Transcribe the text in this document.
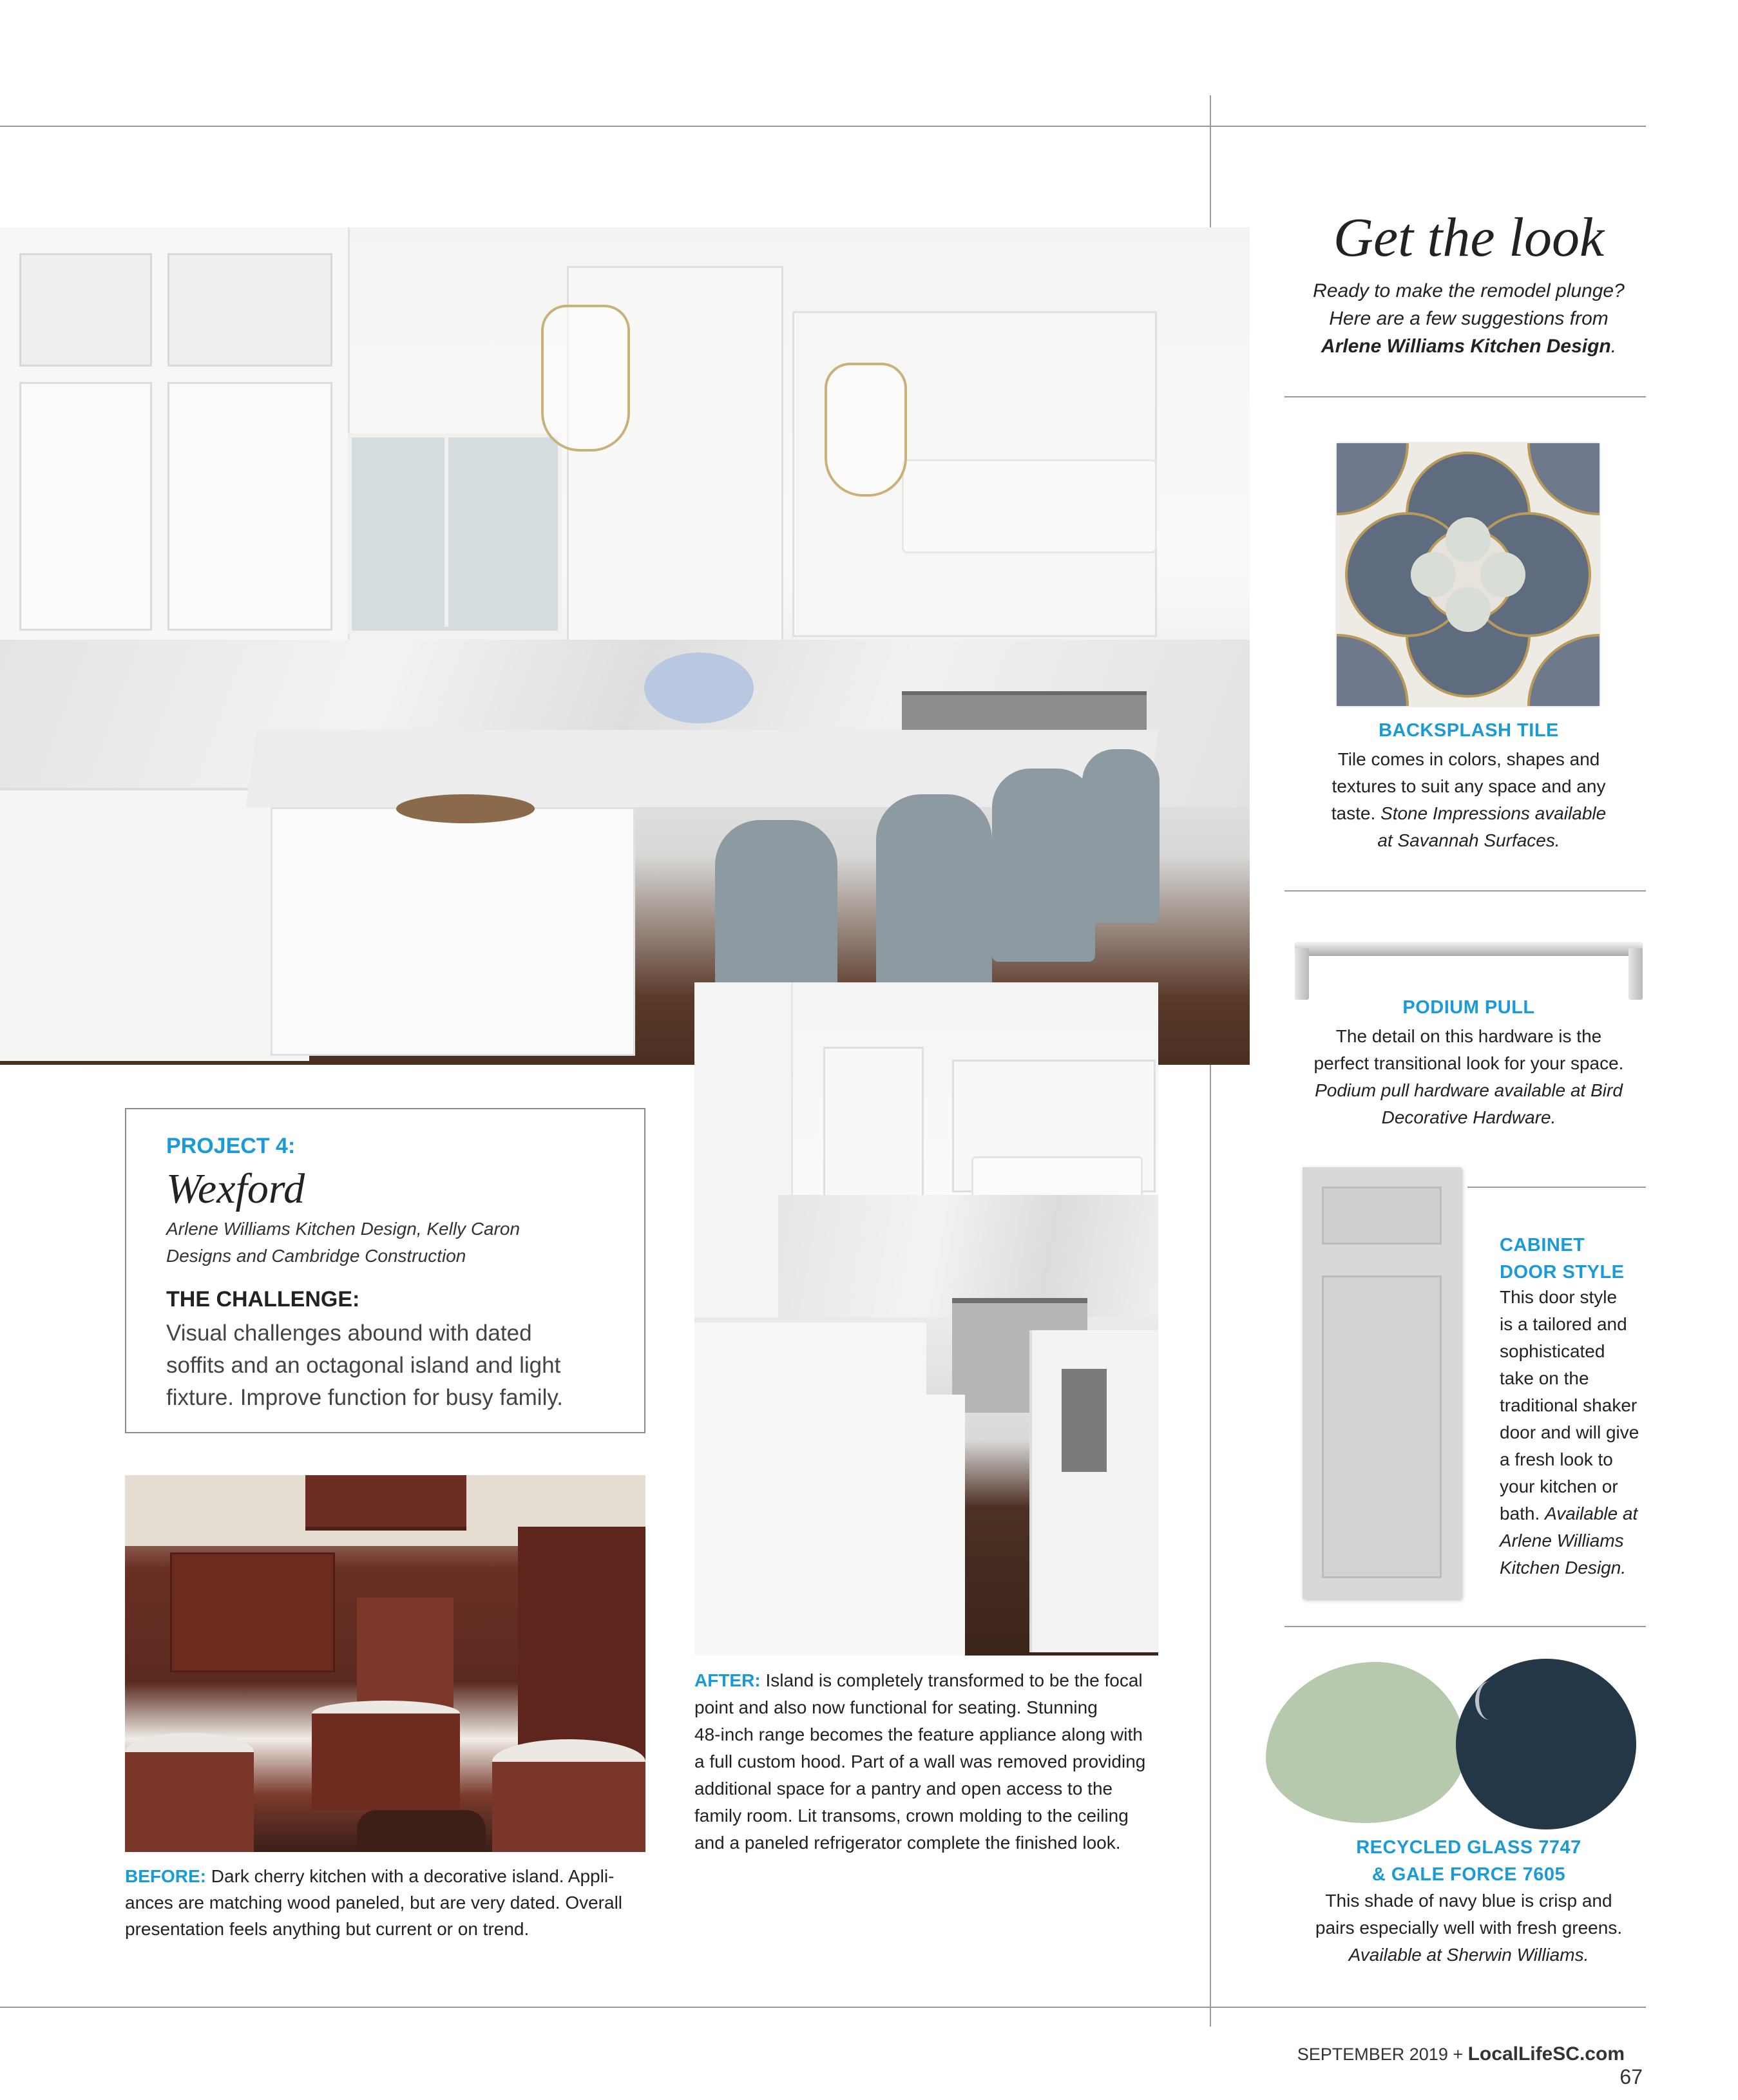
PROJECT 4:
Wexford
Arlene Williams Kitchen Design, Kelly Caron
Designs and Cambridge Construction
THE CHALLENGE:
Visual challenges abound with dated
soffits and an octagonal island and light
fixture. Improve function for busy family.
BEFORE: Dark cherry kitchen with a decorative island. Appli-
ances are matching wood paneled, but are very dated. Overall
presentation feels anything but current or on trend.
AFTER: Island is completely transformed to be the focal
point and also now functional for seating. Stunning
48-inch range becomes the feature appliance along with
a full custom hood. Part of a wall was removed providing
additional space for a pantry and open access to the
family room. Lit transoms, crown molding to the ceiling
and a paneled refrigerator complete the finished look.
Get the look
Ready to make the remodel plunge?
Here are a few suggestions from
Arlene Williams Kitchen Design.
BACKSPLASH TILE
Tile comes in colors, shapes and
textures to suit any space and any
taste. Stone Impressions available
at Savannah Surfaces.
PODIUM PULL
The detail on this hardware is the
perfect transitional look for your space.
Podium pull hardware available at Bird
Decorative Hardware.
CABINET
DOOR STYLE
This door style
is a tailored and
sophisticated
take on the
traditional shaker
door and will give
a fresh look to
your kitchen or
bath. Available at
Arlene Williams
Kitchen Design.
RECYCLED GLASS 7747
& GALE FORCE 7605
This shade of navy blue is crisp and
pairs especially well with fresh greens.
Available at Sherwin Williams.
SEPTEMBER 2019 + LocalLifeSC.com67
